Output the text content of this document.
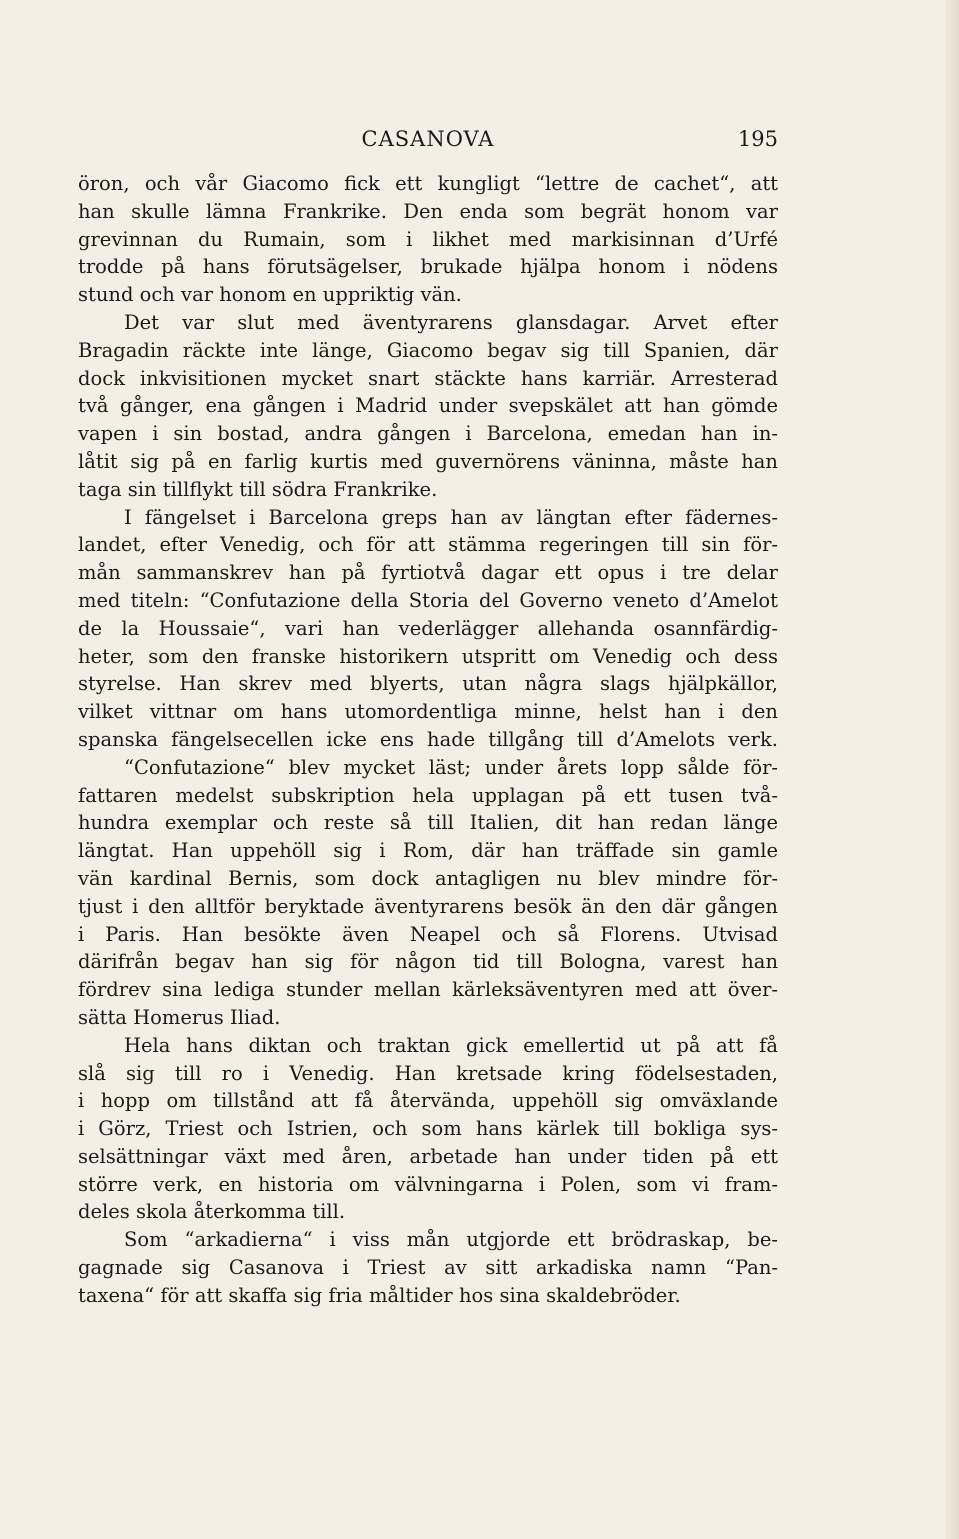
CASANOVA	195
öron, och vår Giacomo fick ett kungligt “lettre de cachet“, att
han skulle lämna Frankrike. Den enda som begrät honom var
grevinnan du Rumain, som i likhet med markisinnan d’Urfé
trodde på hans förutsägelser, brukade hjälpa honom i nödens
stund och var honom en uppriktig vän.
Det var slut med äventyrarens glansdagar. Arvet efter
Bragadin räckte inte länge, Giacomo begav sig till Spanien, där
dock inkvisitionen mycket snart stäckte hans karriär. Arresterad
två gånger, ena gången i Madrid under svepskälet att han gömde
vapen i sin bostad, andra gången i Barcelona, emedan han in-
låtit sig på en farlig kurtis med guvernörens väninna, måste han
taga sin tillflykt till södra Frankrike.
I fängelset i Barcelona greps han av längtan efter fädernes-
landet, efter Venedig, och för att stämma regeringen till sin för-
mån sammanskrev han på fyrtiotvå dagar ett opus i tre delar
med titeln: “Confutazione della Storia del Governo veneto d’Amelot
de la Houssaie“, vari han vederlägger allehanda osannfärdig-
heter, som den franske historikern utspritt om Venedig och dess
styrelse. Han skrev med blyerts, utan några slags hjälpkällor,
vilket vittnar om hans utomordentliga minne, helst han i den
spanska fängelsecellen icke ens hade tillgång till d’Amelots verk.
“Confutazione“ blev mycket läst; under årets lopp sålde för-
fattaren medelst subskription hela upplagan på ett tusen två-
hundra exemplar och reste så till Italien, dit han redan länge
längtat. Han uppehöll sig i Rom, där han träffade sin gamle
vän kardinal Bernis, som dock antagligen nu blev mindre för-
tjust i den alltför beryktade äventyrarens besök än den där gången
i Paris. Han besökte även Neapel och så Florens. Utvisad
därifrån begav han sig för någon tid till Bologna, varest han
fördrev sina lediga stunder mellan kärleksäventyren med att över-
sätta Homerus Iliad.
Hela hans diktan och traktan gick emellertid ut på att få
slå sig till ro i Venedig. Han kretsade kring födelsestaden,
i hopp om tillstånd att få återvända, uppehöll sig omväxlande
i Görz, Triest och Istrien, och som hans kärlek till bokliga sys-
selsättningar växt med åren, arbetade han under tiden på ett
större verk, en historia om välvningarna i Polen, som vi fram-
deles skola återkomma till.
Som “arkadierna“ i viss mån utgjorde ett brödraskap, be-
gagnade sig Casanova i Triest av sitt arkadiska namn “Pan-
taxena“ för att skaffa sig fria måltider hos sina skaldebröder.
